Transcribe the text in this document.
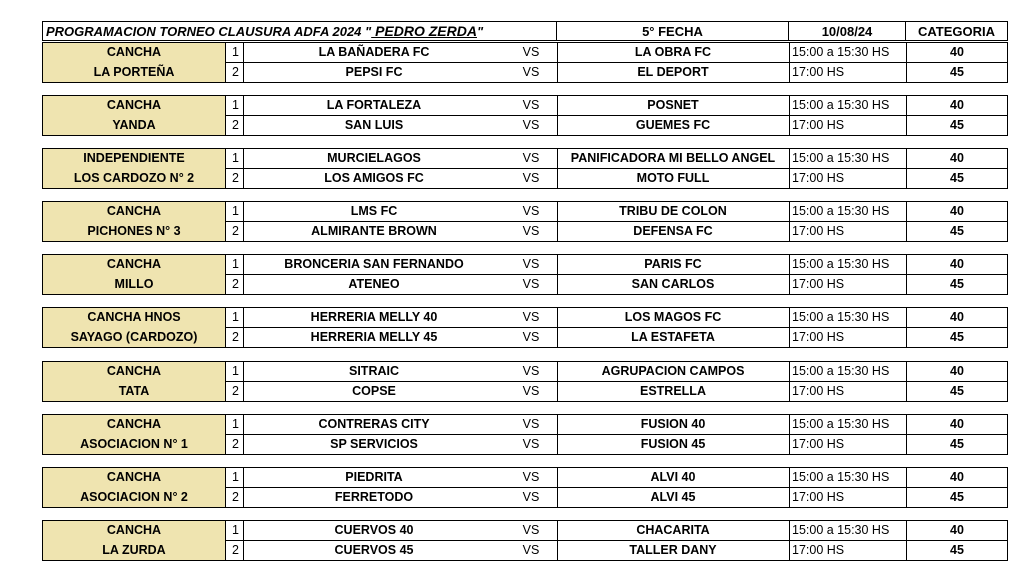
PROGRAMACION TORNEO CLAUSURA ADFA 2024 " PEDRO ZERDA"	5° FECHA	10/08/24	CATEGORIA
CANCHA
LA PORTEÑA
1	LA BAÑADERA FC	VS	LA OBRA FC	15:00 a 15:30 HS	40
2	PEPSI FC	VS	EL DEPORT	17:00 HS	45
CANCHA
YANDA
1	LA FORTALEZA	VS	POSNET	15:00 a 15:30 HS	40
2	SAN LUIS	VS	GUEMES FC	17:00 HS	45
INDEPENDIENTE
LOS CARDOZO N° 2
1	MURCIELAGOS	VS	PANIFICADORA MI BELLO ANGEL	15:00 a 15:30 HS	40
2	LOS AMIGOS FC	VS	MOTO FULL	17:00 HS	45
CANCHA
PICHONES N° 3
1	LMS FC	VS	TRIBU DE COLON	15:00 a 15:30 HS	40
2	ALMIRANTE BROWN	VS	DEFENSA FC	17:00 HS	45
CANCHA
MILLO
1	BRONCERIA SAN FERNANDO	VS	PARIS FC	15:00 a 15:30 HS	40
2	ATENEO	VS	SAN CARLOS	17:00 HS	45
CANCHA HNOS
SAYAGO (CARDOZO)
1	HERRERIA MELLY 40	VS	LOS MAGOS FC	15:00 a 15:30 HS	40
2	HERRERIA MELLY 45	VS	LA ESTAFETA	17:00 HS	45
CANCHA
TATA
1	SITRAIC	VS	AGRUPACION CAMPOS	15:00 a 15:30 HS	40
2	COPSE	VS	ESTRELLA	17:00 HS	45
CANCHA
ASOCIACION N° 1
1	CONTRERAS CITY	VS	FUSION 40	15:00 a 15:30 HS	40
2	SP SERVICIOS	VS	FUSION 45	17:00 HS	45
CANCHA
ASOCIACION N° 2
1	PIEDRITA	VS	ALVI 40	15:00 a 15:30 HS	40
2	FERRETODO	VS	ALVI 45	17:00 HS	45
CANCHA
LA ZURDA
1	CUERVOS 40	VS	CHACARITA	15:00 a 15:30 HS	40
2	CUERVOS 45	VS	TALLER DANY	17:00 HS	45
